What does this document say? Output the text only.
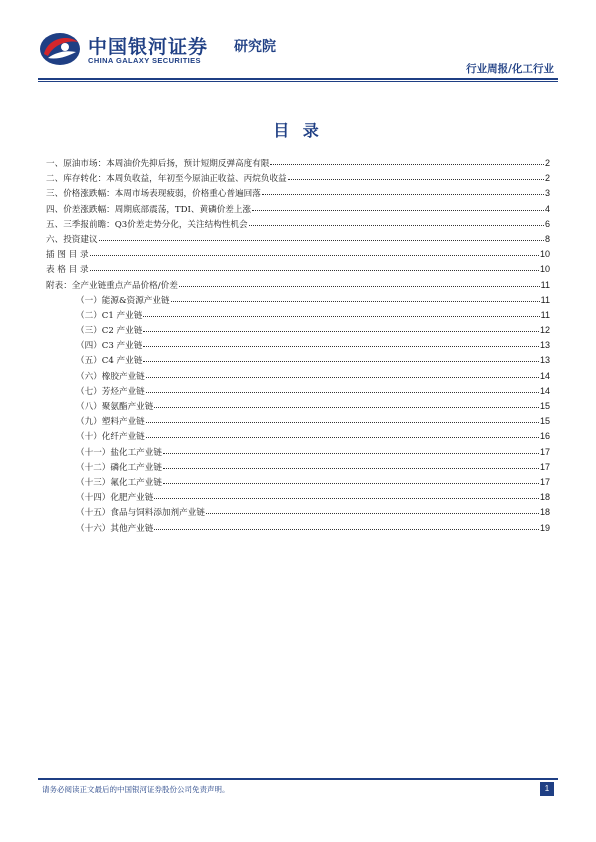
中国银河证券 研究院
CHINA GALAXY SECURITIES
行业周报/化工行业
目 录
一、原油市场：本周油价先抑后扬，预计短期反弹高度有限	2
二、库存转化：本周负收益，年初至今原油正收益、丙烷负收益	2
三、价格涨跌幅：本周市场表现疲弱，价格重心普遍回落	3
四、价差涨跌幅：周期底部震荡，TDI、黄磷价差上涨	4
五、三季报前瞻：Q3价差走势分化，关注结构性机会	6
六、投资建议	8
插 图 目 录	10
表 格 目 录	10
附表：全产业链重点产品价格/价差	11
（一）能源&资源产业链	11
（二）C1 产业链	11
（三）C2 产业链	12
（四）C3 产业链	13
（五）C4 产业链	13
（六）橡胶产业链	14
（七）芳烃产业链	14
（八）聚氨酯产业链	15
（九）塑料产业链	15
（十）化纤产业链	16
（十一）盐化工产业链	17
（十二）磷化工产业链	17
（十三）氟化工产业链	17
（十四）化肥产业链	18
（十五）食品与饲料添加剂产业链	18
（十六）其他产业链	19
请务必阅读正文最后的中国银河证券股份公司免责声明。	1
